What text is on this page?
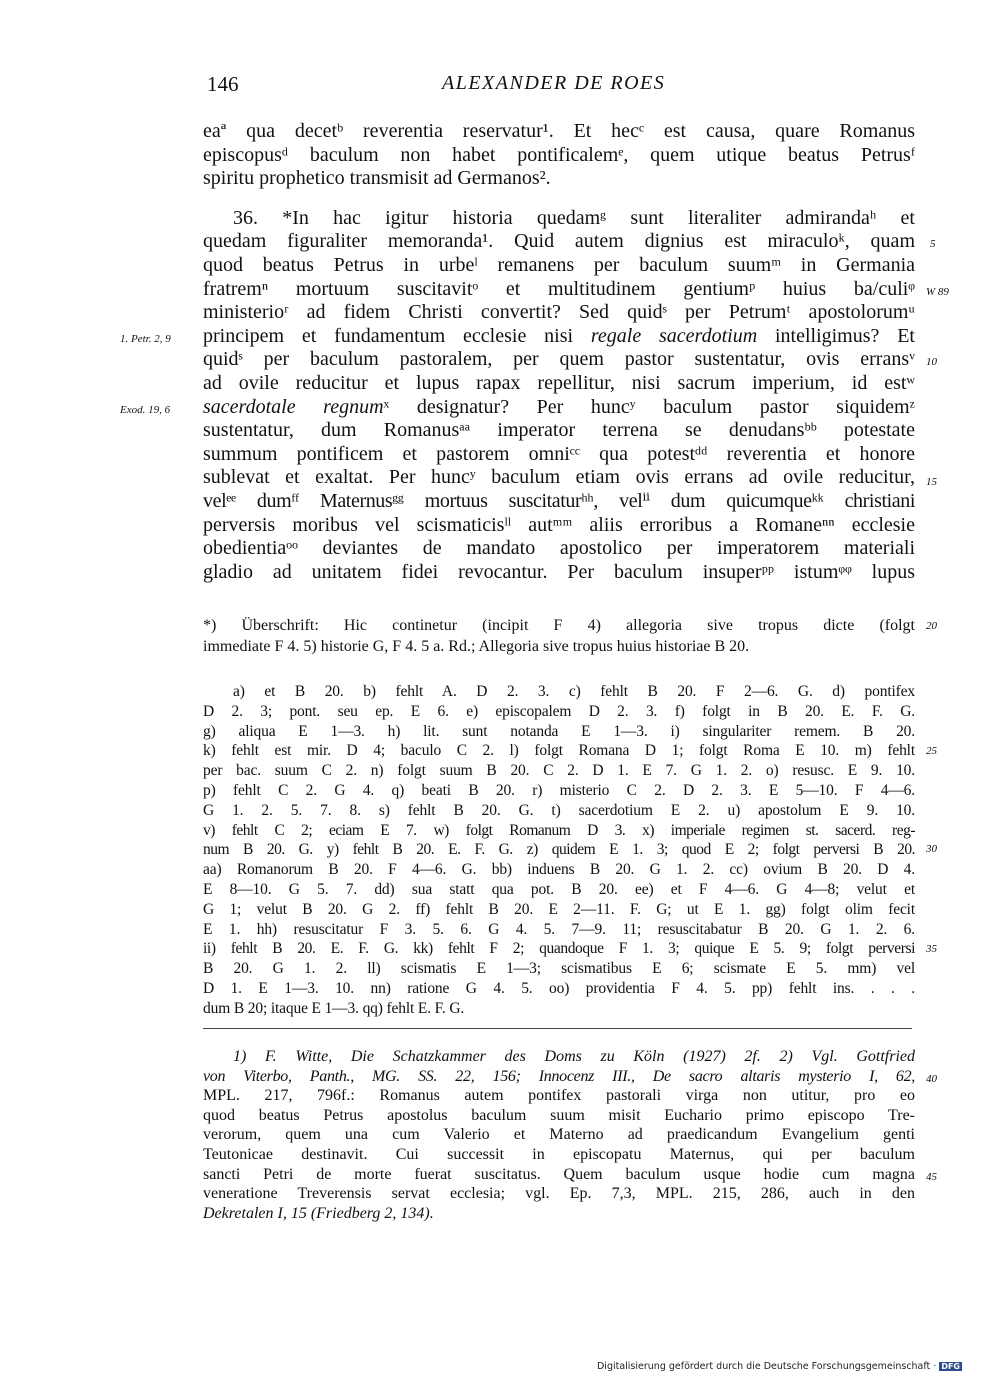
146	ALEXANDER DE ROES
eaª qua decetᵇ reverentia reservatur¹. Et hecᶜ est causa, quare Romanus
episcopusᵈ baculum non habet pontificalemᵉ, quem utique beatus Petrusᶠ
spiritu prophetico transmisit ad Germanos².
36. *In hac igitur historia quedamᵍ sunt literaliter admirandaʰ et
quedam figuraliter memoranda¹. Quid autem dignius est miraculoᵏ, quam
quod beatus Petrus in urbeˡ remanens per baculum suumᵐ in Germania
fratremⁿ mortuum suscitavitᵒ et multitudinem gentiumᵖ huius ba/culiᵠ
ministerioʳ ad fidem Christi convertit? Sed quidˢ per Petrumᵗ apostolorumᵘ
principem et fundamentum ecclesie nisi regale sacerdotium intelligimus? Et
quidˢ per baculum pastoralem, per quem pastor sustentatur, ovis erransᵛ
ad ovile reducitur et lupus rapax repellitur, nisi sacrum imperium, id estʷ
sacerdotale regnumˣ designatur? Per huncʸ baculum pastor siquidemᶻ
sustentatur, dum Romanusᵃᵃ imperator terrena se denudansᵇᵇ potestate
summum pontificem et pastorem omniᶜᶜ qua potestᵈᵈ reverentia et honore
sublevat et exaltat. Per huncʸ baculum etiam ovis errans ad ovile reducitur,
velᵉᵉ dumᶠᶠ Maternusᵍᵍ mortuus suscitaturʰʰ, velⁱⁱ dum quicumqueᵏᵏ christiani
perversis moribus vel scismaticisˡˡ autᵐᵐ aliis erroribus a Romaneⁿⁿ ecclesie
obedientiaᵒᵒ deviantes de mandato apostolico per imperatorem materiali
gladio ad unitatem fidei revocantur. Per baculum insuperᵖᵖ istumᵠᵠ lupus
1. Petr. 2, 9
Exod. 19, 6
5
W 89
10
15
20
25
30
35
40
45
*) Überschrift: Hic continetur (incipit F 4) allegoria sive tropus dicte (folgt
immediate F 4. 5) historie G, F 4. 5 a. Rd.; Allegoria sive tropus huius historiae B 20.
a) et B 20. b) fehlt A. D 2. 3. c) fehlt B 20. F 2—6. G. d) pontifex
D 2. 3; pont. seu ep. E 6. e) episcopalem D 2. 3. f) folgt in B 20. E. F. G.
g) aliqua E 1—3. h) lit. sunt notanda E 1—3. i) singulariter remem. B 20.
k) fehlt est mir. D 4; baculo C 2. l) folgt Romana D 1; folgt Roma E 10. m) fehlt
per bac. suum C 2. n) folgt suum B 20. C 2. D 1. E 7. G 1. 2. o) resusc. E 9. 10.
p) fehlt C 2. G 4. q) beati B 20. r) misterio C 2. D 2. 3. E 5—10. F 4—6.
G 1. 2. 5. 7. 8. s) fehlt B 20. G. t) sacerdotium E 2. u) apostolum E 9. 10.
v) fehlt C 2; eciam E 7. w) folgt Romanum D 3. x) imperiale regimen st. sacerd. reg-
num B 20. G. y) fehlt B 20. E. F. G. z) quidem E 1. 3; quod E 2; folgt perversi B 20.
aa) Romanorum B 20. F 4—6. G. bb) induens B 20. G 1. 2. cc) ovium B 20. D 4.
E 8—10. G 5. 7. dd) sua statt qua pot. B 20. ee) et F 4—6. G 4—8; velut et
G 1; velut B 20. G 2. ff) fehlt B 20. E 2—11. F. G; ut E 1. gg) folgt olim fecit
E 1. hh) resuscitatur F 3. 5. 6. G 4. 5. 7—9. 11; resuscitabatur B 20. G 1. 2. 6.
ii) fehlt B 20. E. F. G. kk) fehlt F 2; quandoque F 1. 3; quique E 5. 9; folgt perversi
B 20. G 1. 2. ll) scismatis E 1—3; scismatibus E 6; scismate E 5. mm) vel
D 1. E 1—3. 10. nn) ratione G 4. 5. oo) providentia F 4. 5. pp) fehlt ins. . . .
dum B 20; itaque E 1—3. qq) fehlt E. F. G.
1) F. Witte, Die Schatzkammer des Doms zu Köln (1927) 2f. 2) Vgl. Gottfried
von Viterbo, Panth., MG. SS. 22, 156; Innocenz III., De sacro altaris mysterio I, 62,
MPL. 217, 796f.: Romanus autem pontifex pastorali virga non utitur, pro eo
quod beatus Petrus apostolus baculum suum misit Euchario primo episcopo Tre-
verorum, quem una cum Valerio et Materno ad praedicandum Evangelium genti
Teutonicae destinavit. Cui successit in episcopatu Maternus, qui per baculum
sancti Petri de morte fuerat suscitatus. Quem baculum usque hodie cum magna
veneratione Treverensis servat ecclesia; vgl. Ep. 7,3, MPL. 215, 286, auch in den
Dekretalen I, 15 (Friedberg 2, 134).
Digitalisierung gefördert durch die Deutsche Forschungsgemeinschaft · DFG
